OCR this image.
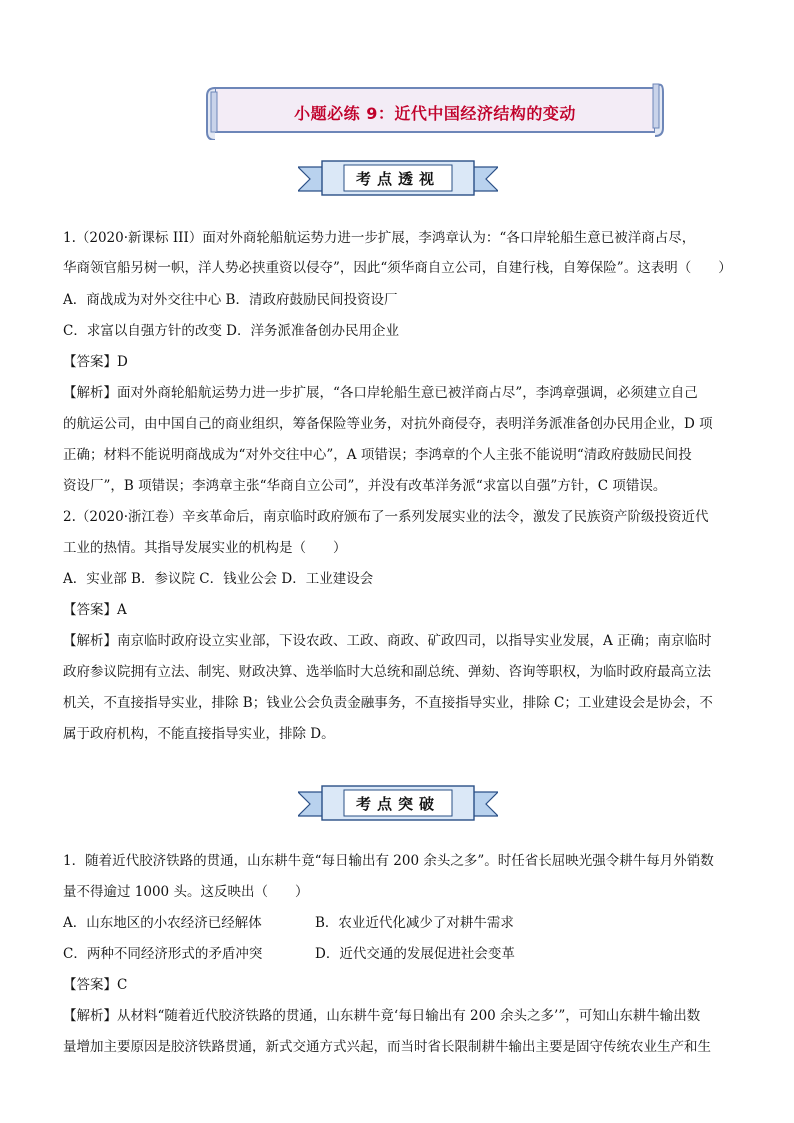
小题必练 9：近代中国经济结构的变动
考点透视
1.（2020·新课标 III）面对外商轮船航运势力进一步扩展，李鸿章认为：“各口岸轮船生意已被洋商占尽，
华商领官船另树一帜，洋人势必挟重资以侵夺”，因此“须华商自立公司，自建行栈，自筹保险”。这表明（　　）
A．商战成为对外交往中心 B．清政府鼓励民间投资设厂
C．求富以自强方针的改变 D．洋务派准备创办民用企业
【答案】D
【解析】面对外商轮船航运势力进一步扩展，“各口岸轮船生意已被洋商占尽”，李鸿章强调，必须建立自己
的航运公司，由中国自己的商业组织，筹备保险等业务，对抗外商侵夺，表明洋务派准备创办民用企业，D 项
正确；材料不能说明商战成为“对外交往中心”，A 项错误；李鸿章的个人主张不能说明“清政府鼓励民间投
资设厂”，B 项错误；李鸿章主张“华商自立公司”，并没有改革洋务派“求富以自强”方针，C 项错误。
2.（2020·浙江卷）辛亥革命后，南京临时政府颁布了一系列发展实业的法令，激发了民族资产阶级投资近代
工业的热情。其指导发展实业的机构是（　　）
A．实业部 B．参议院 C．钱业公会 D．工业建设会
【答案】A
【解析】南京临时政府设立实业部，下设农政、工政、商政、矿政四司，以指导实业发展，A 正确；南京临时
政府参议院拥有立法、制宪、财政决算、选举临时大总统和副总统、弹劾、咨询等职权，为临时政府最高立法
机关，不直接指导实业，排除 B；钱业公会负责金融事务，不直接指导实业，排除 C；工业建设会是协会，不
属于政府机构，不能直接指导实业，排除 D。
考点突破
1．随着近代胶济铁路的贯通，山东耕牛竟“每日输出有 200 余头之多”。时任省长屈映光强令耕牛每月外销数
量不得逾过 1000 头。这反映出（　　）
A．山东地区的小农经济已经解体	B．农业近代化减少了对耕牛需求
C．两种不同经济形式的矛盾冲突	D．近代交通的发展促进社会变革
【答案】C
【解析】从材料“随着近代胶济铁路的贯通，山东耕牛竟‘每日输出有 200 余头之多’”，可知山东耕牛输出数
量增加主要原因是胶济铁路贯通，新式交通方式兴起，而当时省长限制耕牛输出主要是固守传统农业生产和生
